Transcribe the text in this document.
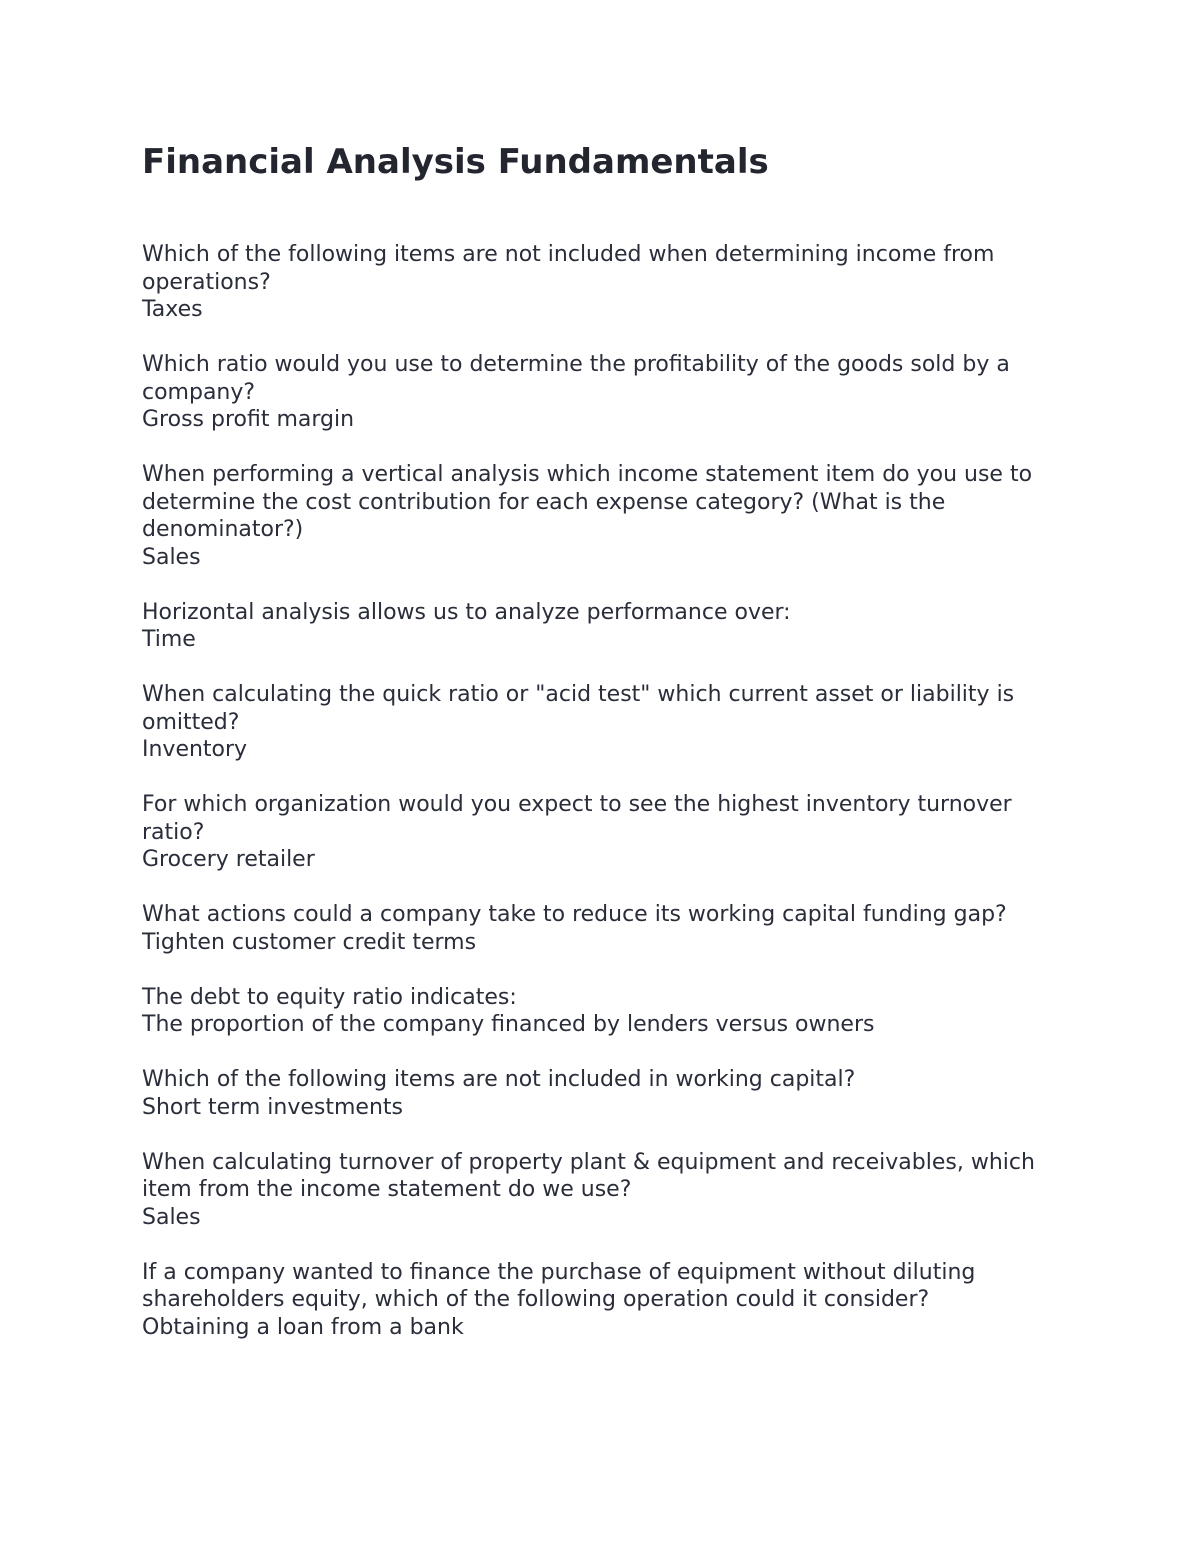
Financial Analysis Fundamentals
Which of the following items are not included when determining income from operations?
Taxes
Which ratio would you use to determine the profitability of the goods sold by a company?
Gross profit margin
When performing a vertical analysis which income statement item do you use to determine the cost contribution for each expense category? (What is the denominator?)
Sales
Horizontal analysis allows us to analyze performance over:
Time
When calculating the quick ratio or "acid test" which current asset or liability is omitted?
Inventory
For which organization would you expect to see the highest inventory turnover ratio?
Grocery retailer
What actions could a company take to reduce its working capital funding gap?
Tighten customer credit terms
The debt to equity ratio indicates:
The proportion of the company financed by lenders versus owners
Which of the following items are not included in working capital?
Short term investments
When calculating turnover of property plant & equipment and receivables, which item from the income statement do we use?
Sales
If a company wanted to finance the purchase of equipment without diluting shareholders equity, which of the following operation could it consider?
Obtaining a loan from a bank
